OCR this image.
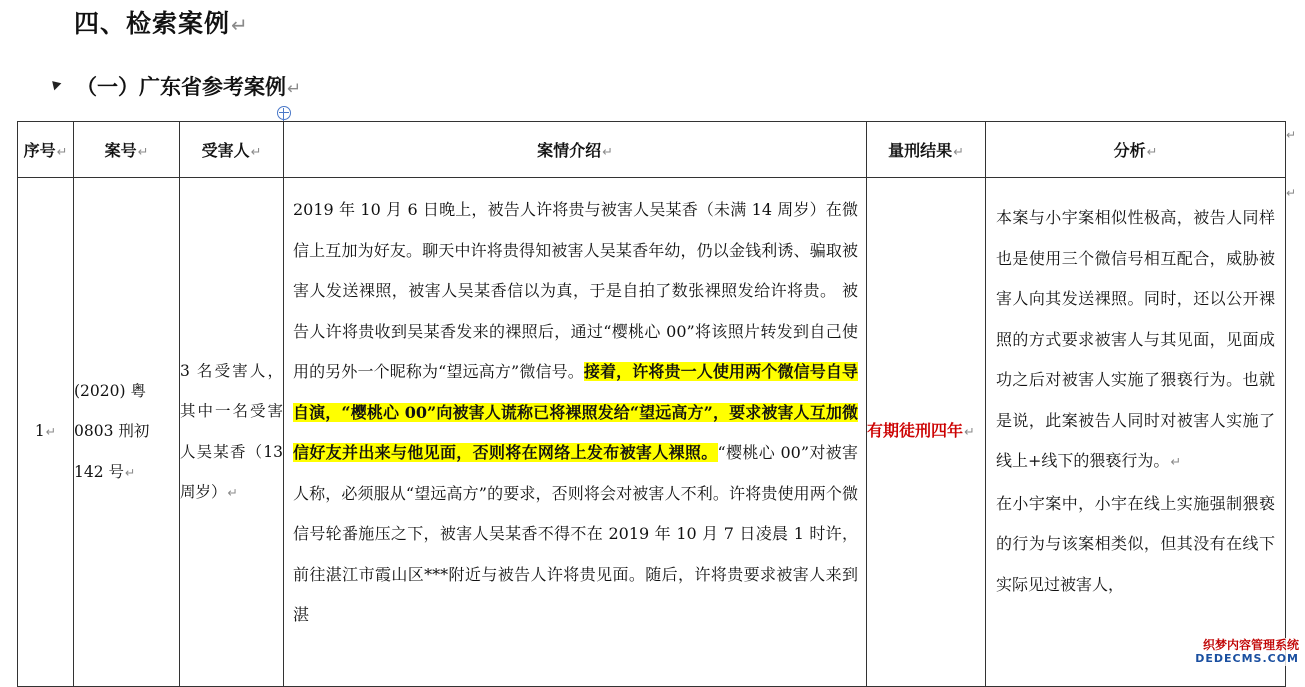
四、检索案例↵
（一）广东省参考案例↵
序号↵	案号↵	受害人↵	案情介绍↵	量刑结果↵	分析↵
1↵	(2020) 粤 0803 刑初 142 号↵	3 名受害人，其中一名受害人吴某香（13 周岁）↵	2019 年 10 月 6 日晚上，被告人许将贵与被害人吴某香（未满 14 周岁）在微信上互加为好友。聊天中许将贵得知被害人吴某香年幼，仍以金钱利诱、骗取被害人发送裸照，被害人吴某香信以为真，于是自拍了数张裸照发给许将贵。 被告人许将贵收到吴某香发来的裸照后，通过“樱桃心 00”将该照片转发到自己使用的另外一个昵称为“望远高方”微信号。接着，许将贵一人使用两个微信号自导自演，“樱桃心 00”向被害人谎称已将裸照发给“望远高方”，要求被害人互加微信好友并出来与他见面，否则将在网络上发布被害人裸照。“樱桃心 00”对被害人称，必须服从“望远高方”的要求，否则将会对被害人不利。许将贵使用两个微信号轮番施压之下，被害人吴某香不得不在 2019 年 10 月 7 日凌晨 1 时许，前往湛江市霞山区***附近与被告人许将贵见面。随后，许将贵要求被害人来到湛	有期徒刑四年↵	本案与小宇案相似性极高，被告人同样也是使用三个微信号相互配合，威胁被害人向其发送裸照。同时，还以公开裸照的方式要求被害人与其见面，见面成功之后对被害人实施了猥亵行为。也就是说，此案被告人同时对被害人实施了线上+线下的猥亵行为。↵
在小宇案中，小宇在线上实施强制猥亵的行为与该案相类似，但其没有在线下实际见过被害人，
↵
↵
织梦内容管理系统
DEDECMS.COM
